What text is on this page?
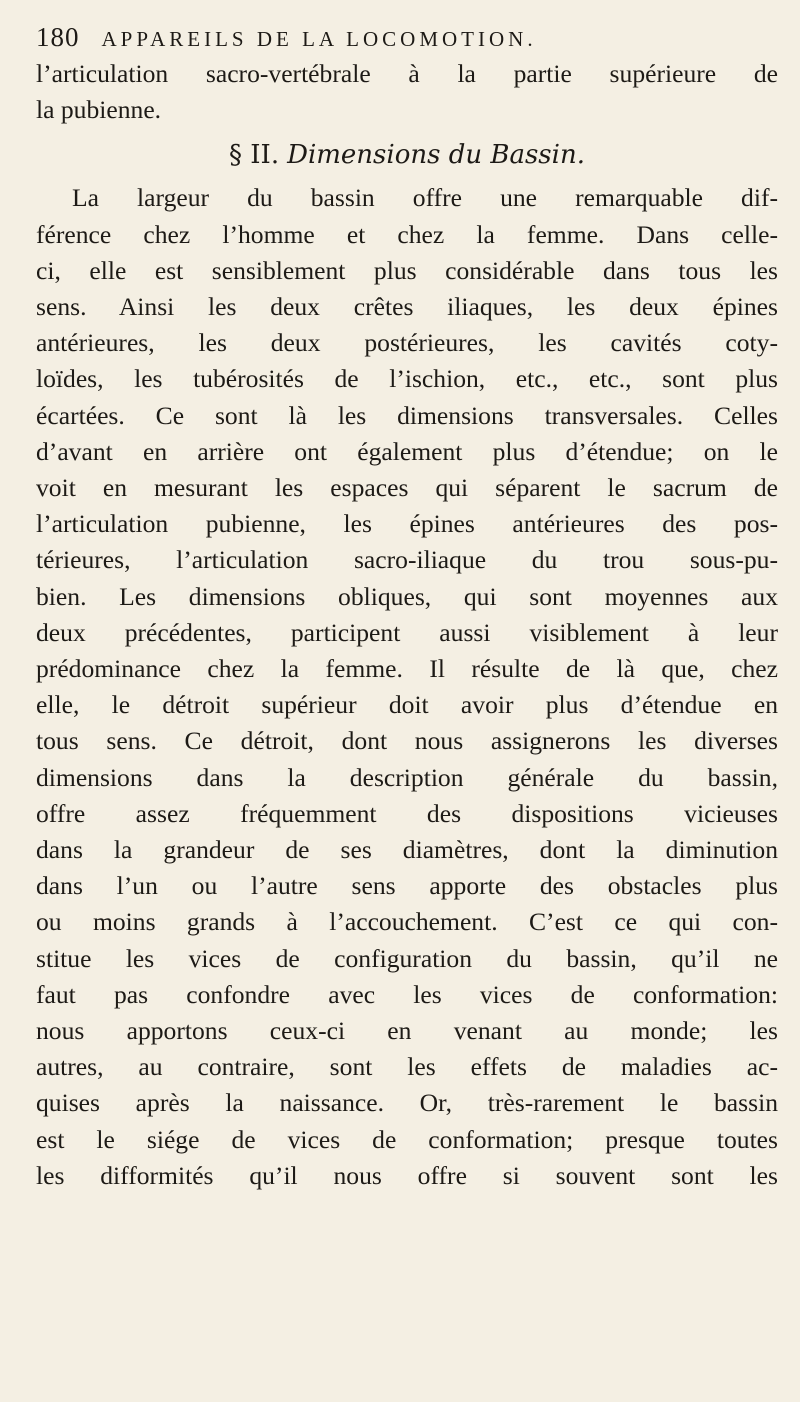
180 APPAREILS DE LA LOCOMOTION.
l’articulation sacro-vertébrale à la partie supérieure de
la pubienne.
§ II. Dimensions du Bassin.
La largeur du bassin offre une remarquable dif-
férence chez l’homme et chez la femme. Dans celle-
ci, elle est sensiblement plus considérable dans tous les
sens. Ainsi les deux crêtes iliaques, les deux épines
antérieures, les deux postérieures, les cavités coty-
loïdes, les tubérosités de l’ischion, etc., etc., sont plus
écartées. Ce sont là les dimensions transversales. Celles
d’avant en arrière ont également plus d’étendue; on le
voit en mesurant les espaces qui séparent le sacrum de
l’articulation pubienne, les épines antérieures des pos-
térieures, l’articulation sacro-iliaque du trou sous-pu-
bien. Les dimensions obliques, qui sont moyennes aux
deux précédentes, participent aussi visiblement à leur
prédominance chez la femme. Il résulte de là que, chez
elle, le détroit supérieur doit avoir plus d’étendue en
tous sens. Ce détroit, dont nous assignerons les diverses
dimensions dans la description générale du bassin,
offre assez fréquemment des dispositions vicieuses
dans la grandeur de ses diamètres, dont la diminution
dans l’un ou l’autre sens apporte des obstacles plus
ou moins grands à l’accouchement. C’est ce qui con-
stitue les vices de configuration du bassin, qu’il ne
faut pas confondre avec les vices de conformation:
nous apportons ceux-ci en venant au monde; les
autres, au contraire, sont les effets de maladies ac-
quises après la naissance. Or, très-rarement le bassin
est le siége de vices de conformation; presque toutes
les difformités qu’il nous offre si souvent sont les
